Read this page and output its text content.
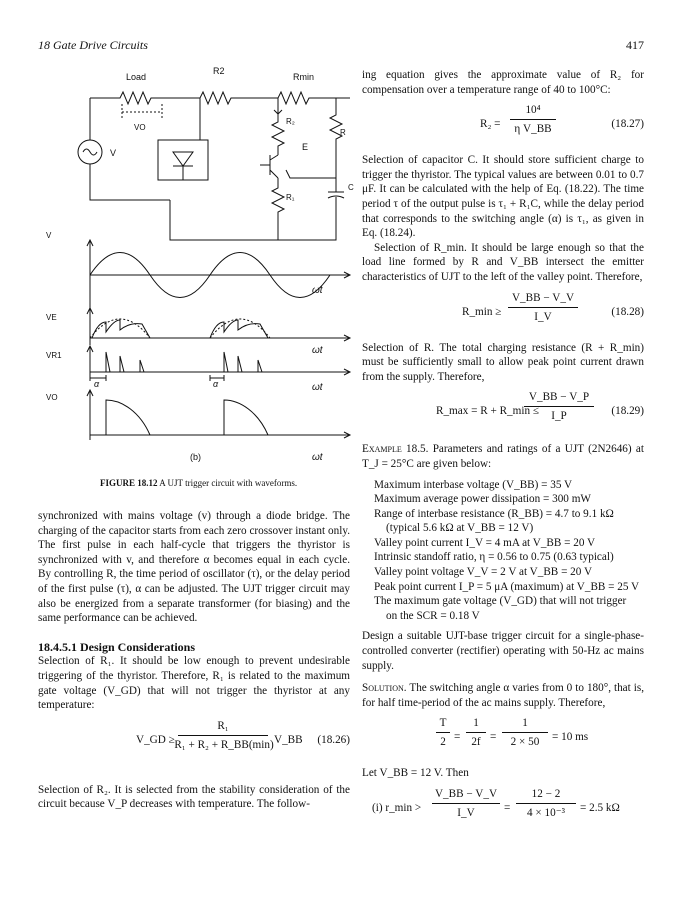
18 Gate Drive Circuits	417
Load
R2
Rmin
VO
V
R₂
R
E
R₁
C
V
ωt
VE
ωt
VR1
α	α	ωt
VO
(b)	ωt
FIGURE 18.12 A UJT trigger circuit with waveforms.

synchronized with mains voltage (v) through a diode bridge. The charging of the capacitor starts from each zero crossover instant only. The first pulse in each half-cycle that triggers the thyristor is synchronized with v, and therefore α becomes equal in each cycle. By controlling R, the time period of oscillator (τ), or the delay period of the first pulse (τ), α can be adjusted. The UJT trigger circuit may also be energized from a separate transformer (for biasing) and the same performance can be achieved.

18.4.5.1 Design Considerations

Selection of R₁. It should be low enough to prevent undesirable triggering of the thyristor. Therefore, R₁ is related to the maximum gate voltage (V_GD) that will not trigger the thyristor at any temperature:

V_GD ≥
R₁
R₁ + R₂ + R_BB(min) V_BB (18.26)

Selection of R₂. It is selected from the stability consideration of the circuit because V_P decreases with temperature. The follow-

ing equation gives the approximate value of R₂ for compensation over a temperature range of 40 to 100°C:

R₂ =
10⁴
η V_BB	(18.27)

Selection of capacitor C. It should store sufficient charge to trigger the thyristor. The typical values are between 0.01 to 0.7 μF. It can be calculated with the help of Eq. (18.22). The time period τ of the output pulse is τ₁ + R₁C, while the delay period that corresponds to the switching angle (α) is τ₁, as given in Eq. (18.24).

Selection of R_min. It should be large enough so that the load line formed by R and V_BB intersect the emitter characteristics of UJT to the left of the valley point. Therefore,

R_min ≥
V_BB − V_V
I_V	(18.28)

Selection of R. The total charging resistance (R + R_min) must be sufficiently small to allow peak point current drawn from the supply. Therefore,

R_max = R + R_min ≤
V_BB − V_P
I_P	(18.29)

Example 18.5. Parameters and ratings of a UJT (2N2646) at T_J = 25°C are given below:

Maximum interbase voltage (V_BB) = 35 V
Maximum average power dissipation = 300 mW
Range of interbase resistance (R_BB) = 4.7 to 9.1 kΩ
(typical 5.6 kΩ at V_BB = 12 V)
Valley point current I_V = 4 mA at V_BB = 20 V
Intrinsic standoff ratio, η = 0.56 to 0.75 (0.63 typical)
Valley point voltage V_V = 2 V at V_BB = 20 V
Peak point current I_P = 5 μA (maximum) at V_BB = 25 V
The maximum gate voltage (V_GD) that will not trigger
on the SCR = 0.18 V

Design a suitable UJT-base trigger circuit for a single-phase-controlled converter (rectifier) operating with 50-Hz ac mains supply.

Solution. The switching angle α varies from 0 to 180°, that is, for half time-period of the ac mains supply. Therefore,

T
2 =
1
2f =
1
2 × 50	= 10 ms

Let V_BB = 12 V. Then

(i) r_min >
V_BB − V_V
I_V	=
12 − 2
4 × 10⁻³	= 2.5 kΩ
